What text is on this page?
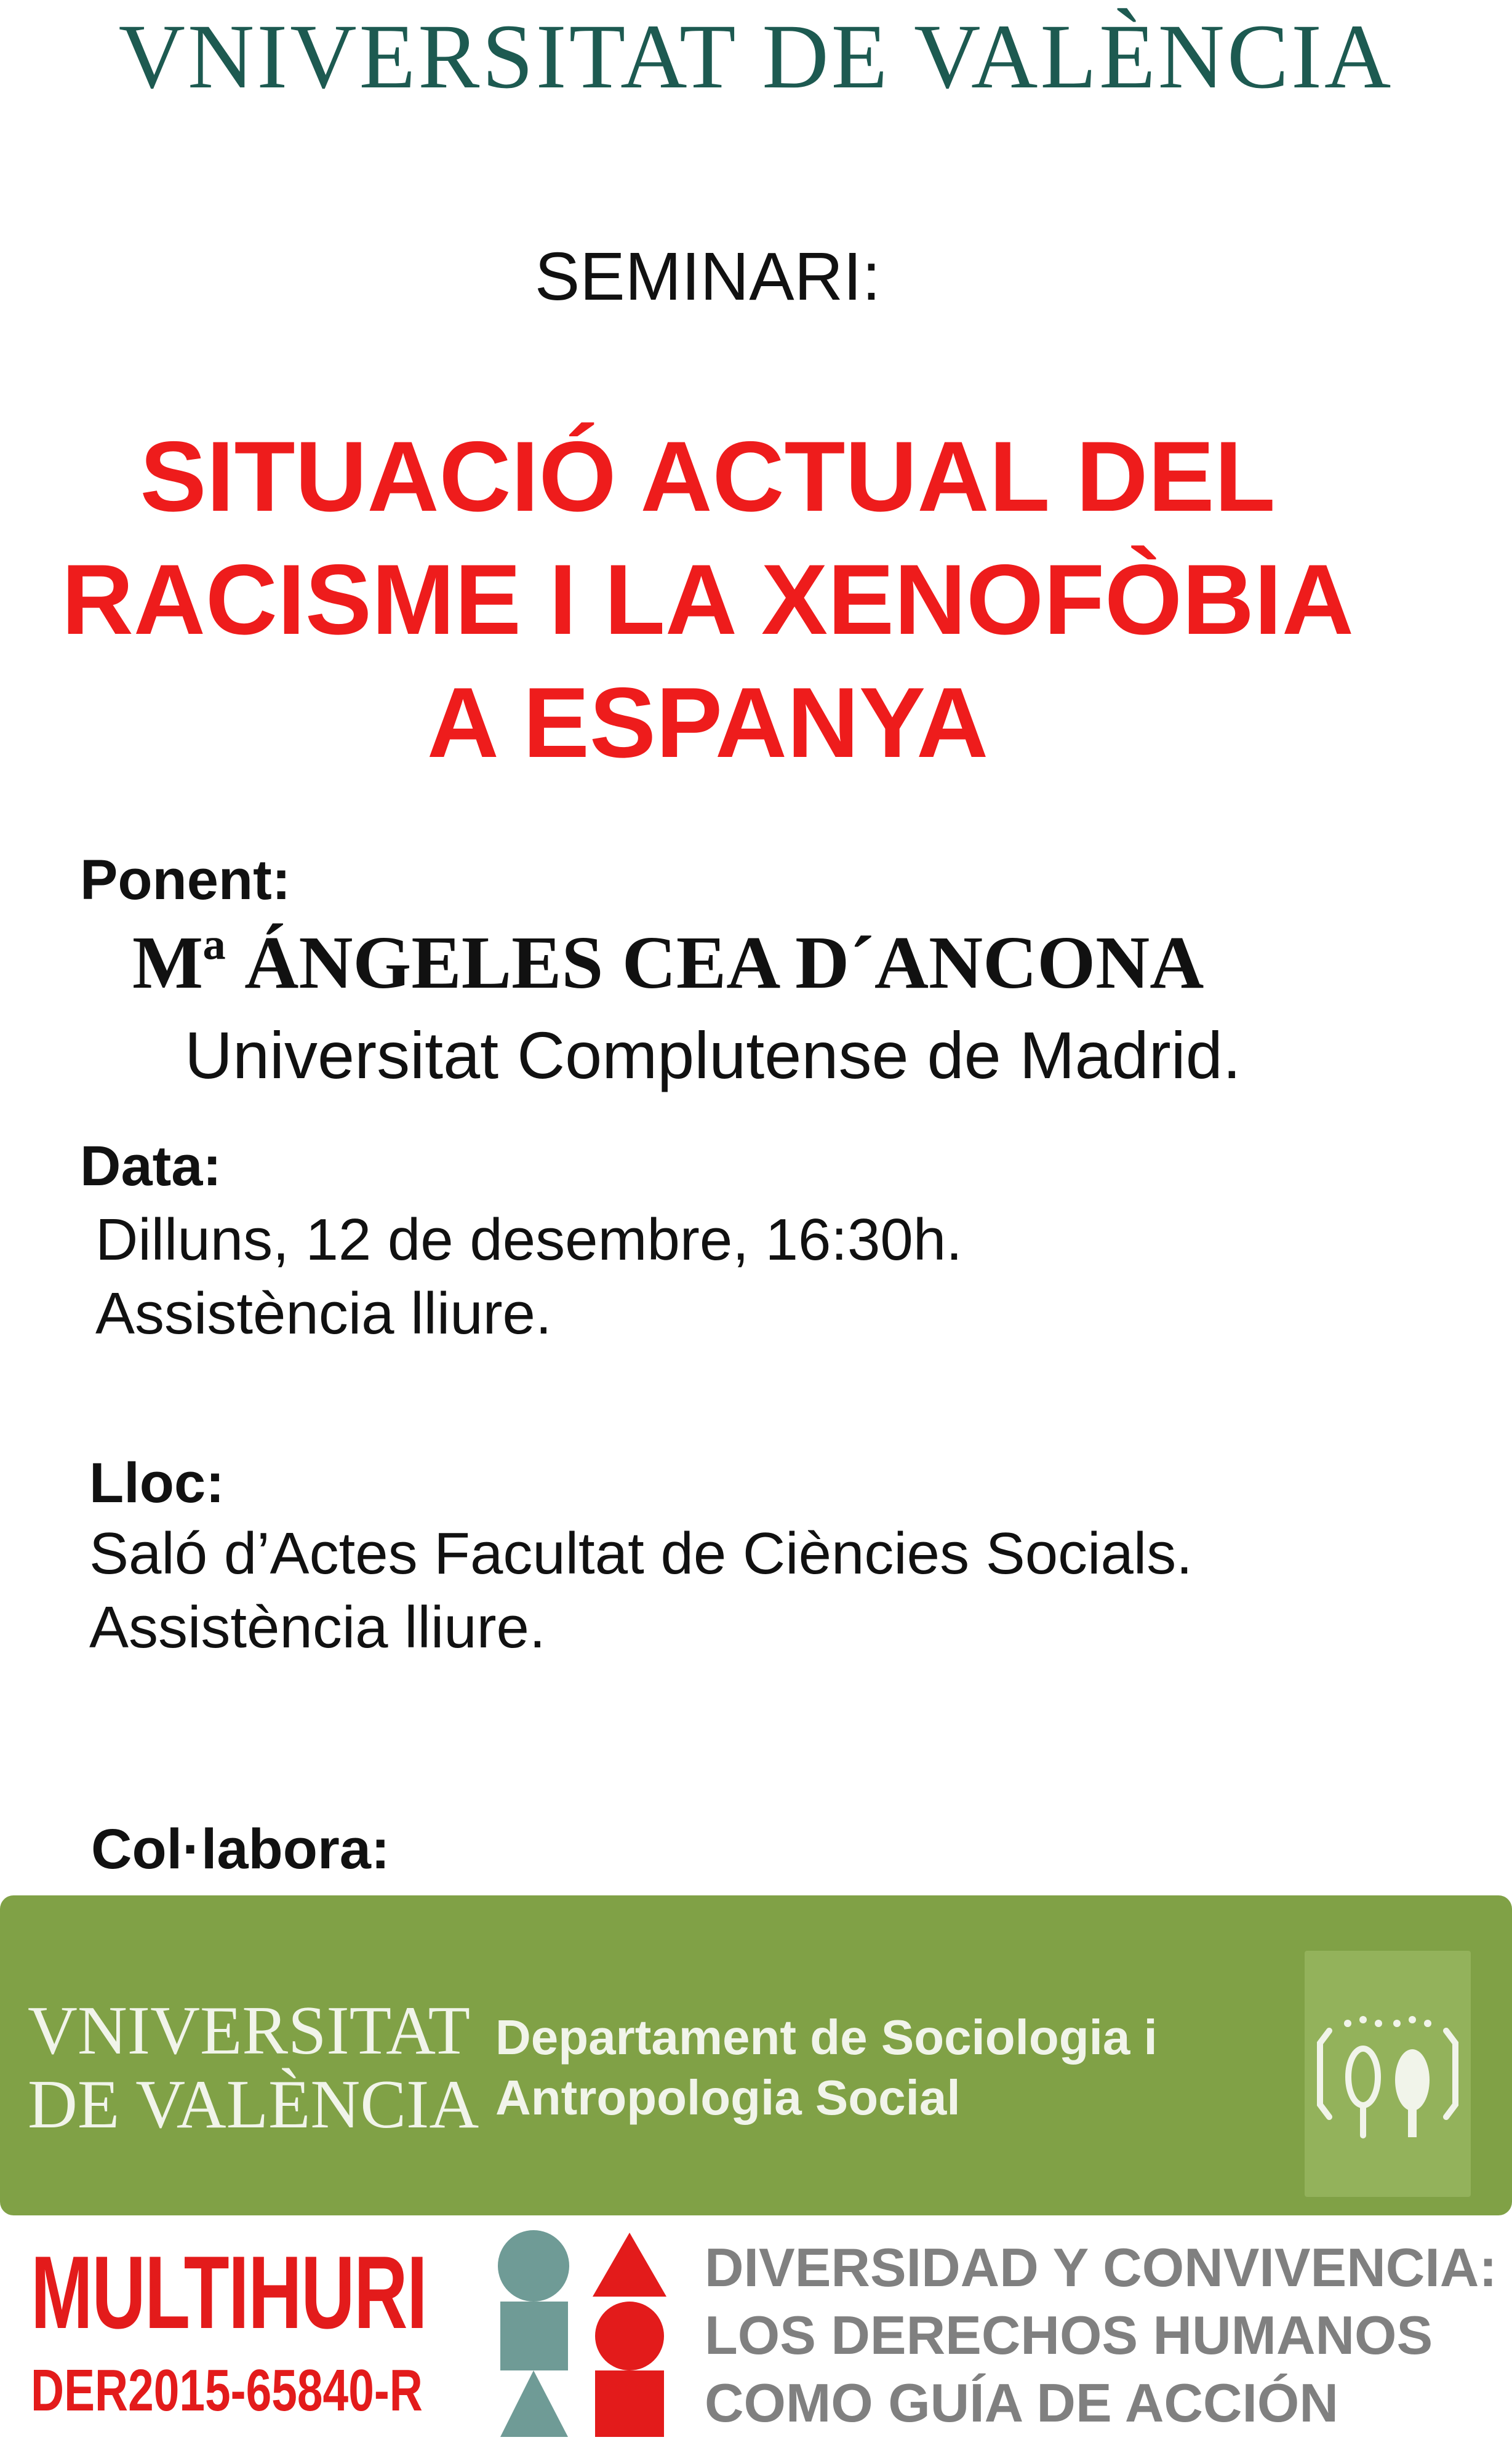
VNIVERSITAT DE VALÈNCIA
SEMINARI:
SITUACIÓ ACTUAL DEL
RACISME I LA XENOFÒBIA
A ESPANYA
Ponent:
Mª ÁNGELES CEA D´ANCONA
Universitat Complutense de Madrid.
Data:
Dilluns, 12 de desembre, 16:30h.
Assistència lliure.
Lloc:
Saló d’Actes Facultat de Ciències Socials.
Assistència lliure.
Col·labora:
VNIVERSITAT
DE VALÈNCIA
Departament de Sociologia i
Antropologia Social
MULTIHURI
DER2015-65840-R
DIVERSIDAD Y CONVIVENCIA:
LOS DERECHOS HUMANOS
COMO GUÍA DE ACCIÓN
